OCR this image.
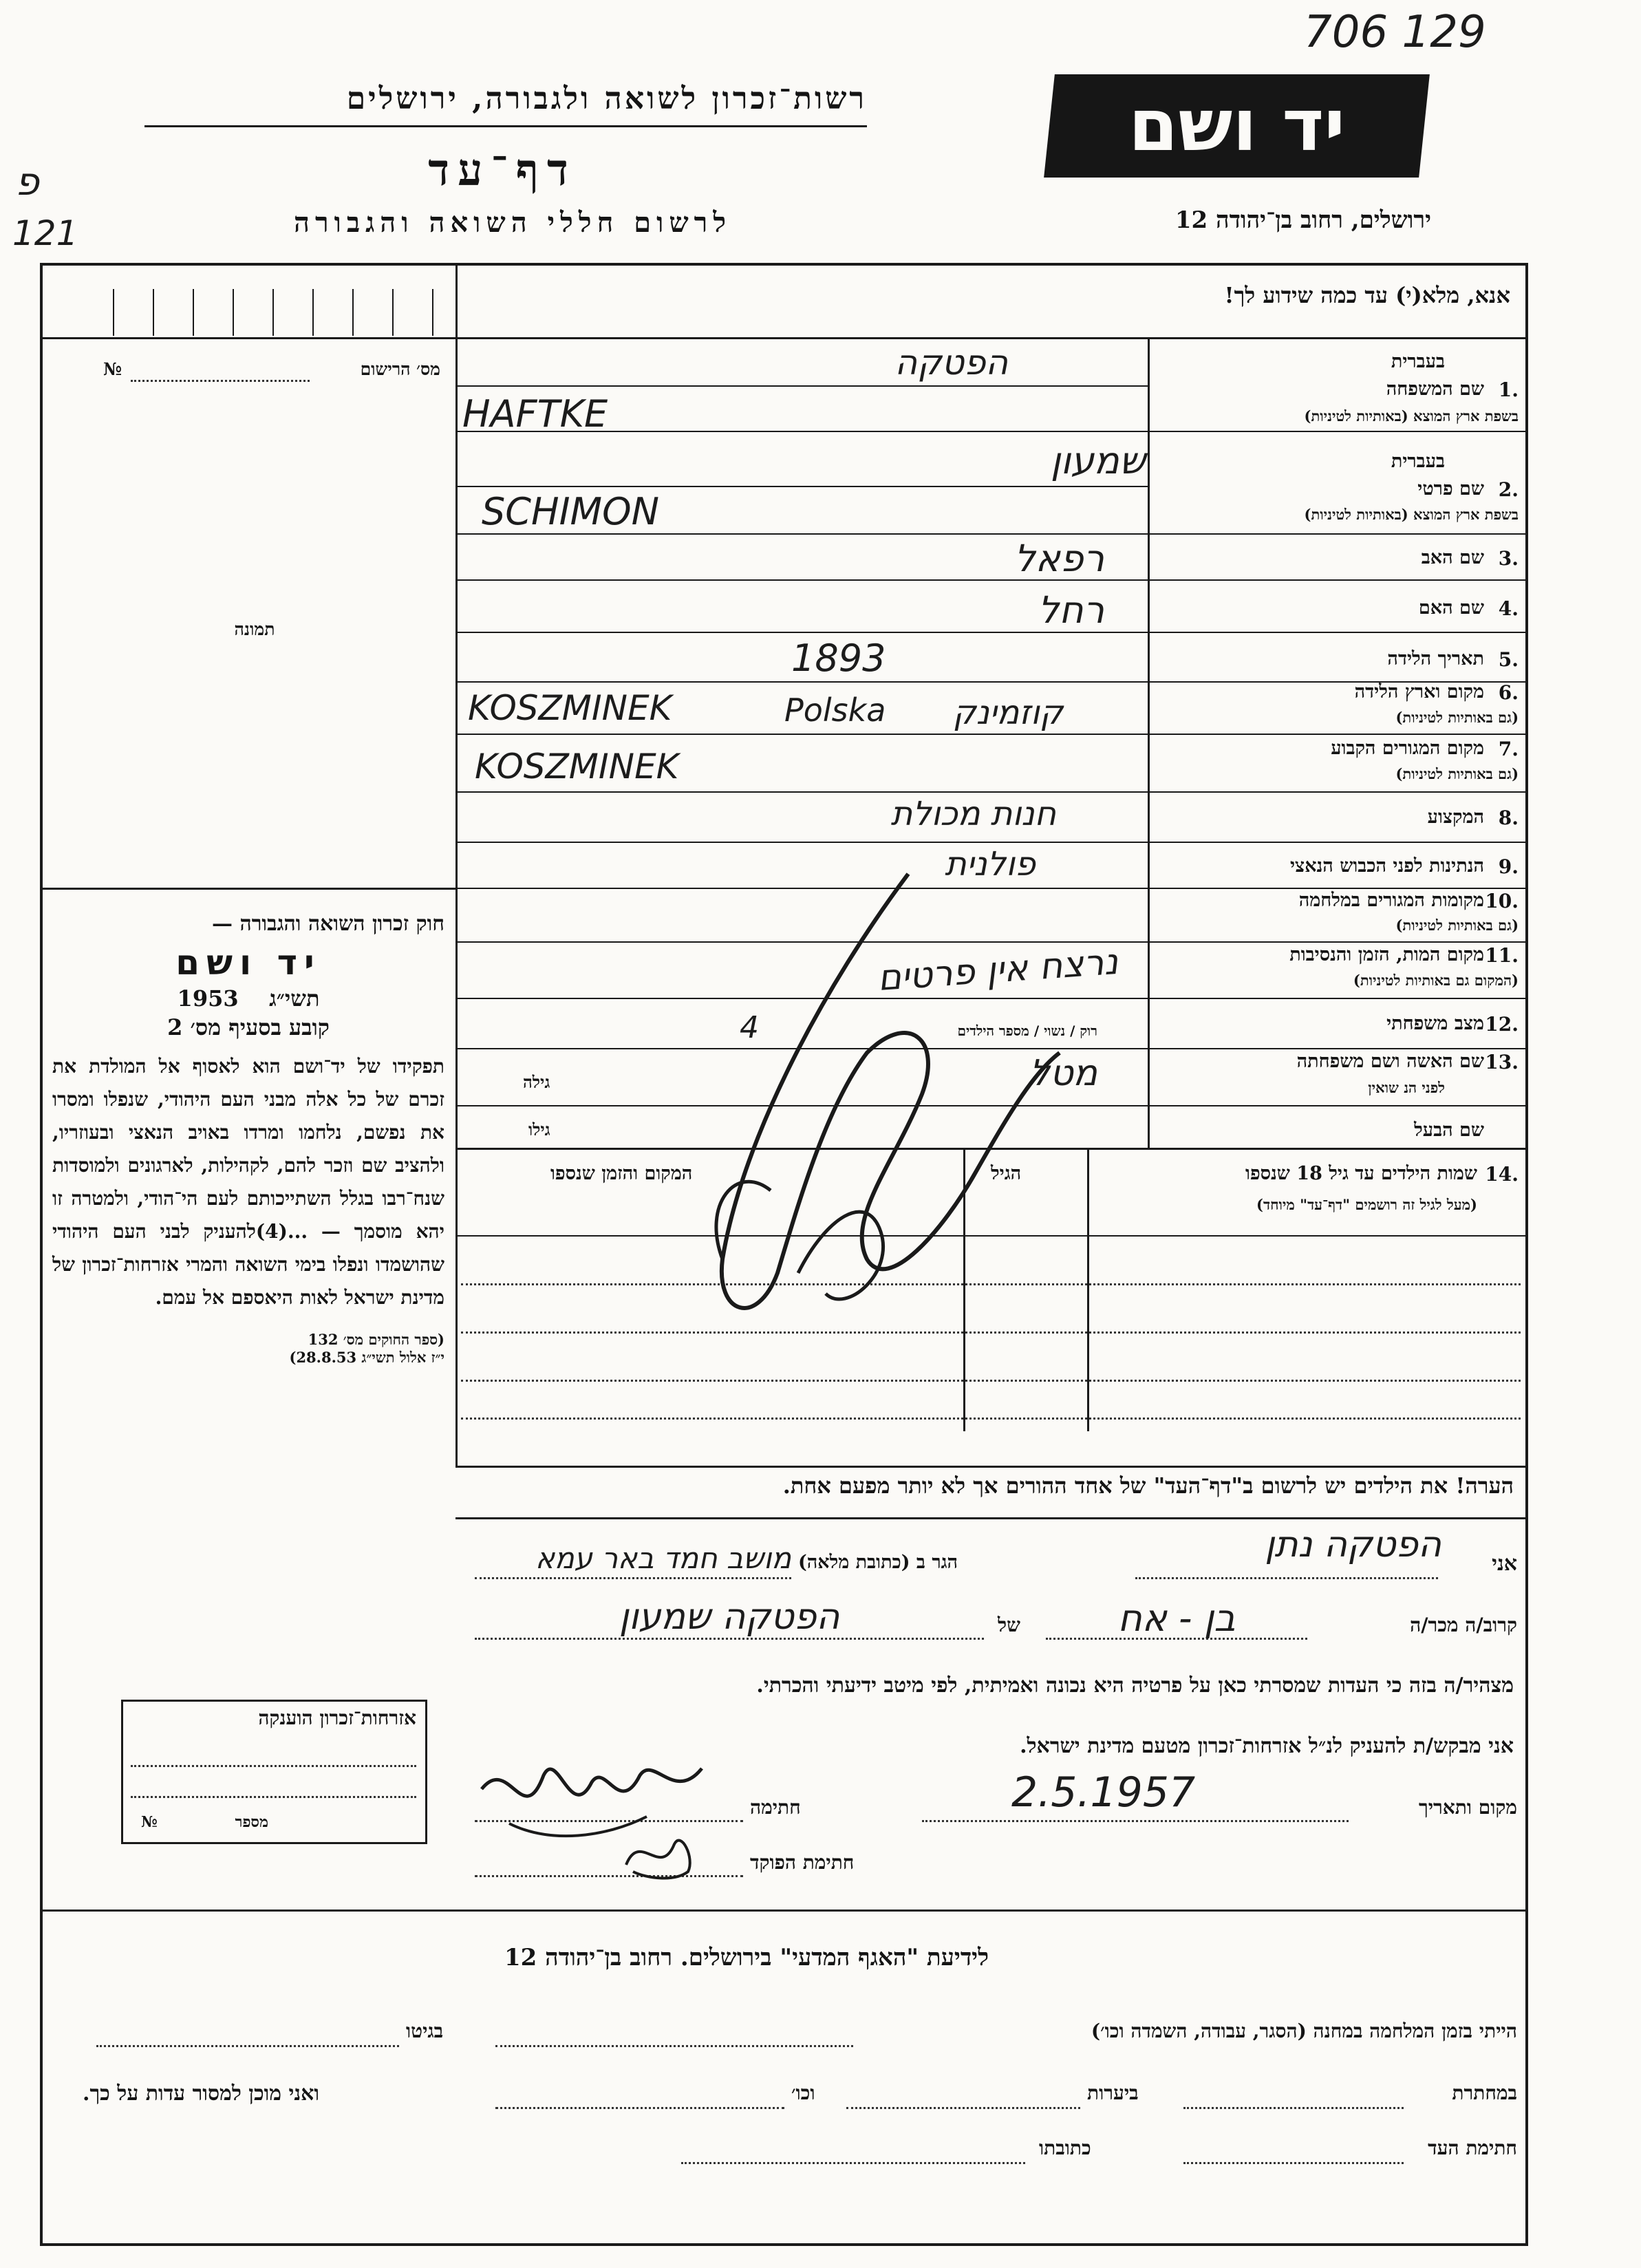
706 129
פ
121
רשות־זכרון לשואה ולגבורה, ירושלים
דף־עד
לרשום חללי השואה והגבורה
יד ושם
ירושלים, רחוב בן־יהודה 12
אנא, מלא(י) עד כמה שידוע לך!
מס׳ הרישום
№
תמונה
חוק זכרון השואה והגבורה —
יד ושם
תשי״ג    1953
קובע בסעיף מס׳ 2
תפקידו של יד־ושם הוא לאסוף אל המולדת את זכרם של כל אלה מבני העם היהודי, שנפלו ומסרו את נפשם, נלחמו ומרדו באויב הנאצי ובעוזריו, ולהציב שם וזכר להם, לקהילות, לארגונים ולמוסדות שנח־רבו בגלל השתייכותם לעם הי־הודי, ולמטרה זו יהא מוסמך — ...(4)להעניק לבני העם היהודי שהושמדו ונפלו בימי השואה והמרי אזרחות־זכרון של מדינת ישראל לאות היאספם אל עמם.
(ספר החוקים מס׳ 132
י״ז אלול תשי״ג 28.8.53)
בעברית
1.
שם המשפחה
בשפת ארץ המוצא (באותיות לטיניות)
הפטקה
HAFTKE
בעברית
2.
שם פרטי
בשפת ארץ המוצא (באותיות לטיניות)
שמעון
SCHIMON
3.
שם האב
רפאל
4.
שם האם
רחל
5.
תאריך הלידה
1893
6.
מקום וארץ הלידה
(גם באותיות לטיניות)
KOSZMINEK	Polska קוזמינק
7.
מקום המגורים הקבוע
(גם באותיות לטיניות)
KOSZMINEK
8.
המקצוע
חנות מכולת
9.
הנתינות לפני הכבוש הנאצי
פולנית
10.
מקומות המגורים במלחמה
(גם באותיות לטיניות)
11.
מקום המות, הזמן והנסיבות
(המקום גם באותיות לטיניות)
נרצח אין פרטים
12.
מצב משפחתי
רוק / נשוי / מספר הילדים
4
13.
שם האשה ושם משפחתה
לפני הנ שואין
מטל
גילה
שם הבעל
גילו
14.
שמות הילדים עד גיל 18 שנספו
(מעל לגיל זה רושמים "דף־עד" מיוחד)
הגיל
המקום והזמן שנספו
הערה! את הילדים יש לרשום ב"דף־העד" של אחד ההורים אך לא יותר מפעם אחת.
אני
הפטקה נתן
הגר ב (כתובת מלאה)
מושב חמד באר עמא
קרוב/ה מכר/ה
בן - אח
של
הפטקה שמעון
מצהיר/ה בזה כי העדות שמסרתי כאן על פרטיה היא נכונה ואמיתית, לפי מיטב ידיעתי והכרתי.
אני מבקש/ת להעניק לנ״ל אזרחות־זכרון מטעם מדינת ישראל.
מקום ותאריך
2.5.1957
חתימה
חתימת הפוקד
אזרחות־זכרון הוענקה
מספר
№
לידיעת "האגף המדעי" בירושלים. רחוב בן־יהודה 12
הייתי בזמן המלחמה במחנה (הסגר, עבודה, השמדה וכו׳)
בגיטו
במחתרת
ביערות
וכו׳
ואני מוכן למסור עדות על כך.
חתימת העד
כתובתו
